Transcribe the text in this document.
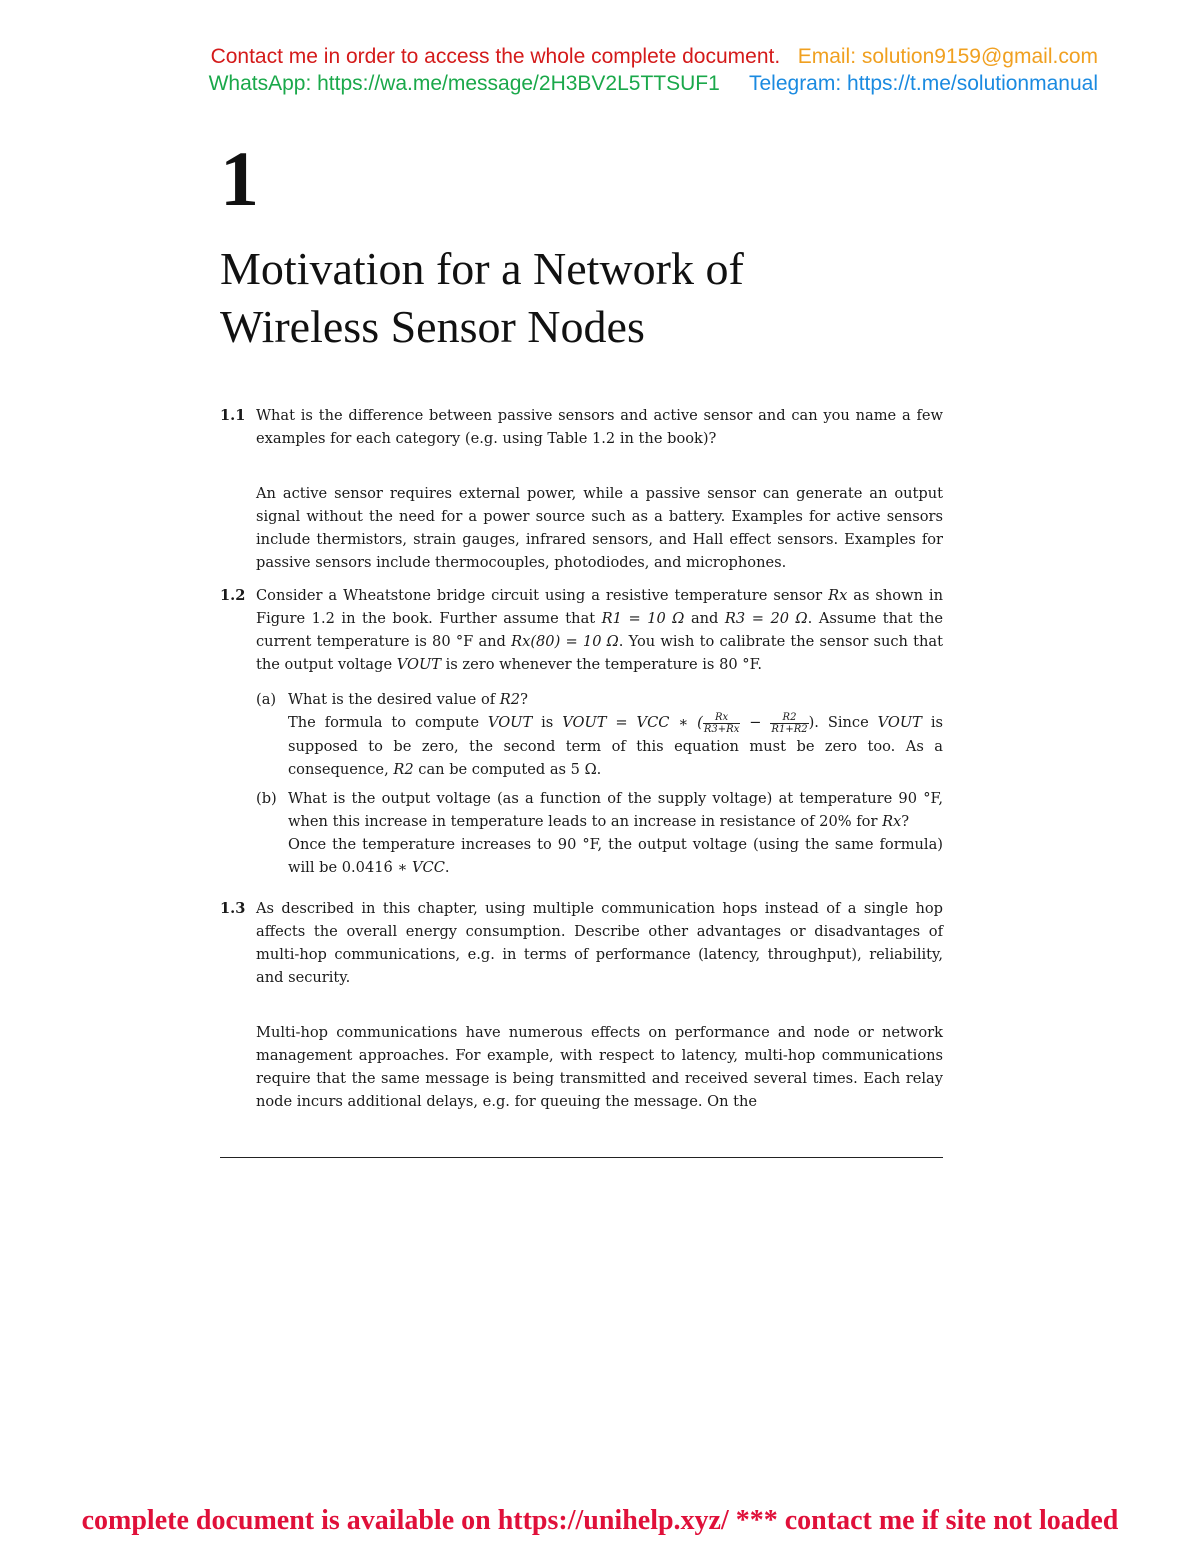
Contact me in order to access the whole complete document. Email: solution9159@gmail.com
WhatsApp: https://wa.me/message/2H3BV2L5TTSUF1 Telegram: https://t.me/solutionmanual
1
Motivation for a Network of
Wireless Sensor Nodes

1.1 What is the difference between passive sensors and active sensor and can you name a few examples for each category (e.g. using Table 1.2 in the book)?

An active sensor requires external power, while a passive sensor can generate an output signal without the need for a power source such as a battery. Examples for active sensors include thermistors, strain gauges, infrared sensors, and Hall effect sensors. Examples for passive sensors include thermocouples, photodiodes, and microphones.

1.2 Consider a Wheatstone bridge circuit using a resistive temperature sensor Rx as shown in Figure 1.2 in the book. Further assume that R1 = 10 Ω and R3 = 20 Ω. Assume that the current temperature is 80 °F and Rx(80) = 10 Ω. You wish to calibrate the sensor such that the output voltage VOUT is zero whenever the temperature is 80 °F.

(a) What is the desired value of R2?
The formula to compute VOUT is VOUT = VCC ∗ ( $\frac{Rx}{R3+Rx} - \frac{R2}{R1+R2}$ ). Since VOUT is supposed to be zero, the second term of this equation must be zero too. As a consequence, R2 can be computed as 5 Ω.

(b) What is the output voltage (as a function of the supply voltage) at temperature 90 °F, when this increase in temperature leads to an increase in resistance of 20% for Rx?
Once the temperature increases to 90 °F, the output voltage (using the same formula) will be 0.0416̇ ∗ VCC.

1.3 As described in this chapter, using multiple communication hops instead of a single hop affects the overall energy consumption. Describe other advantages or disadvantages of multi-hop communications, e.g. in terms of performance (latency, throughput), reliability, and security.

Multi-hop communications have numerous effects on performance and node or network management approaches. For example, with respect to latency, multi-hop communications require that the same message is being transmitted and received several times. Each relay node incurs additional delays, e.g. for queuing the message. On the

complete document is available on https://unihelp.xyz/ *** contact me if site not loaded
